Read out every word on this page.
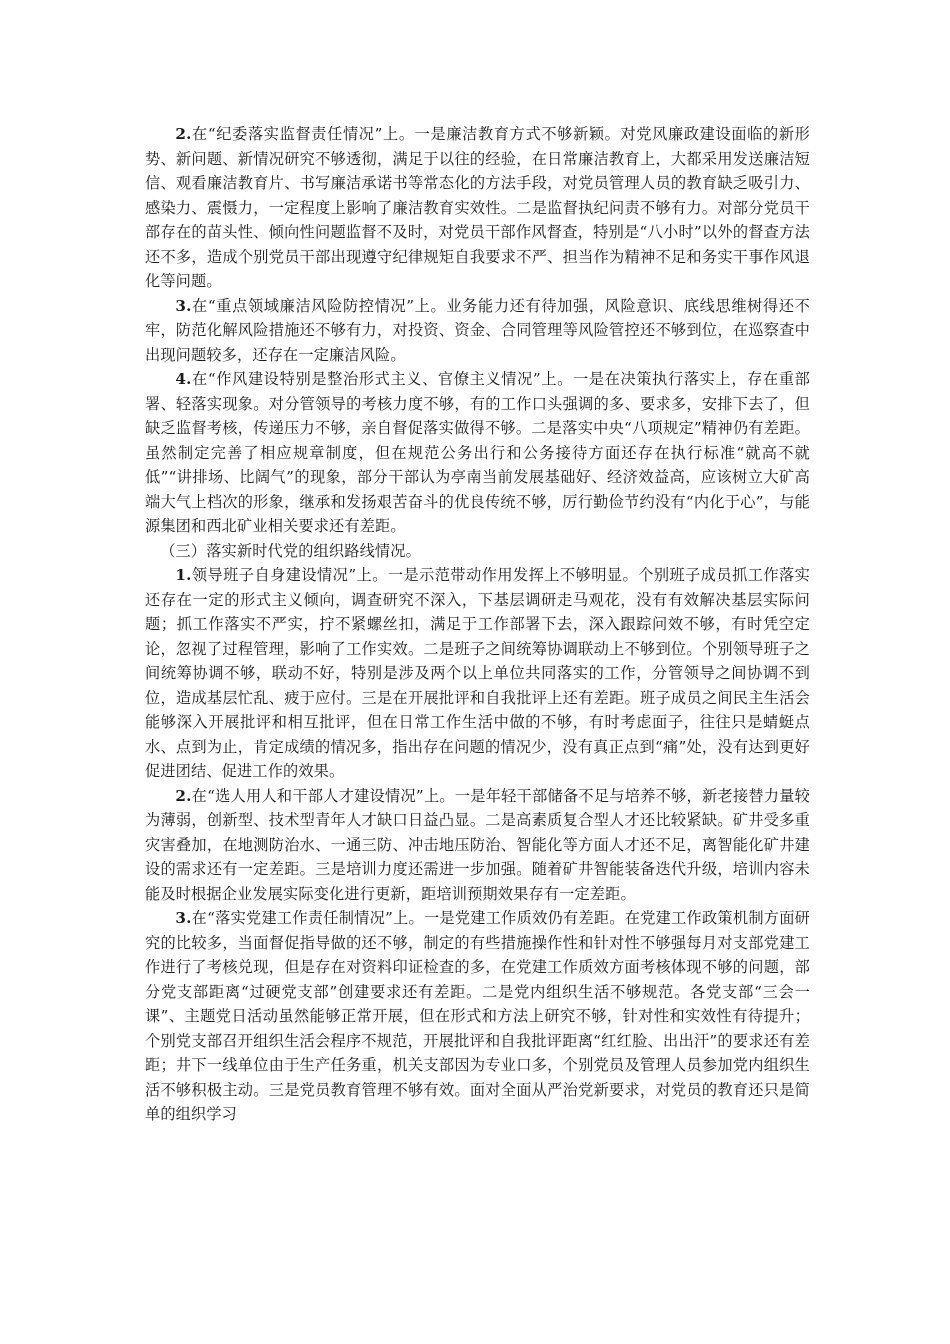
2.在“纪委落实监督责任情况”上。一是廉洁教育方式不够新颖。对党风廉政建设面临的新形势、新问题、新情况研究不够透彻，满足于以往的经验，在日常廉洁教育上，大都采用发送廉洁短信、观看廉洁教育片、书写廉洁承诺书等常态化的方法手段，对党员管理人员的教育缺乏吸引力、感染力、震慑力，一定程度上影响了廉洁教育实效性。二是监督执纪问责不够有力。对部分党员干部存在的苗头性、倾向性问题监督不及时，对党员干部作风督查，特别是“八小时”以外的督查方法还不多，造成个别党员干部出现遵守纪律规矩自我要求不严、担当作为精神不足和务实干事作风退化等问题。

3.在“重点领域廉洁风险防控情况”上。业务能力还有待加强，风险意识、底线思维树得还不牢，防范化解风险措施还不够有力，对投资、资金、合同管理等风险管控还不够到位，在巡察查中出现问题较多，还存在一定廉洁风险。

4.在“作风建设特别是整治形式主义、官僚主义情况”上。一是在决策执行落实上，存在重部署、轻落实现象。对分管领导的考核力度不够，有的工作口头强调的多、要求多，安排下去了，但缺乏监督考核，传递压力不够，亲自督促落实做得不够。二是落实中央“八项规定”精神仍有差距。虽然制定完善了相应规章制度，但在规范公务出行和公务接待方面还存在执行标准“就高不就低”“讲排场、比阔气”的现象，部分干部认为亭南当前发展基础好、经济效益高，应该树立大矿高端大气上档次的形象，继承和发扬艰苦奋斗的优良传统不够，厉行勤俭节约没有“内化于心”，与能源集团和西北矿业相关要求还有差距。

（三）落实新时代党的组织路线情况。

1.领导班子自身建设情况”上。一是示范带动作用发挥上不够明显。个别班子成员抓工作落实还存在一定的形式主义倾向，调查研究不深入，下基层调研走马观花，没有有效解决基层实际问题；抓工作落实不严实，拧不紧螺丝扣，满足于工作部署下去，深入跟踪问效不够，有时凭空定论，忽视了过程管理，影响了工作实效。二是班子之间统筹协调联动上不够到位。个别领导班子之间统筹协调不够，联动不好，特别是涉及两个以上单位共同落实的工作，分管领导之间协调不到位，造成基层忙乱、疲于应付。三是在开展批评和自我批评上还有差距。班子成员之间民主生活会能够深入开展批评和相互批评，但在日常工作生活中做的不够，有时考虑面子，往往只是蜻蜓点水、点到为止，肯定成绩的情况多，指出存在问题的情况少，没有真正点到“痛”处，没有达到更好促进团结、促进工作的效果。

2.在“选人用人和干部人才建设情况”上。一是年轻干部储备不足与培养不够，新老接替力量较为薄弱，创新型、技术型青年人才缺口日益凸显。二是高素质复合型人才还比较紧缺。矿井受多重灾害叠加，在地测防治水、一通三防、冲击地压防治、智能化等方面人才还不足，离智能化矿井建设的需求还有一定差距。三是培训力度还需进一步加强。随着矿井智能装备迭代升级，培训内容未能及时根据企业发展实际变化进行更新，距培训预期效果存有一定差距。

3.在“落实党建工作责任制情况”上。一是党建工作质效仍有差距。在党建工作政策机制方面研究的比较多，当面督促指导做的还不够，制定的有些措施操作性和针对性不够强每月对支部党建工作进行了考核兑现，但是存在对资料印证检查的多，在党建工作质效方面考核体现不够的问题，部分党支部距离“过硬党支部”创建要求还有差距。二是党内组织生活不够规范。各党支部“三会一课”、主题党日活动虽然能够正常开展，但在形式和方法上研究不够，针对性和实效性有待提升；个别党支部召开组织生活会程序不规范，开展批评和自我批评距离“红红脸、出出汗”的要求还有差距；井下一线单位由于生产任务重，机关支部因为专业口多，个别党员及管理人员参加党内组织生活不够积极主动。三是党员教育管理不够有效。面对全面从严治党新要求，对党员的教育还只是简单的组织学习
